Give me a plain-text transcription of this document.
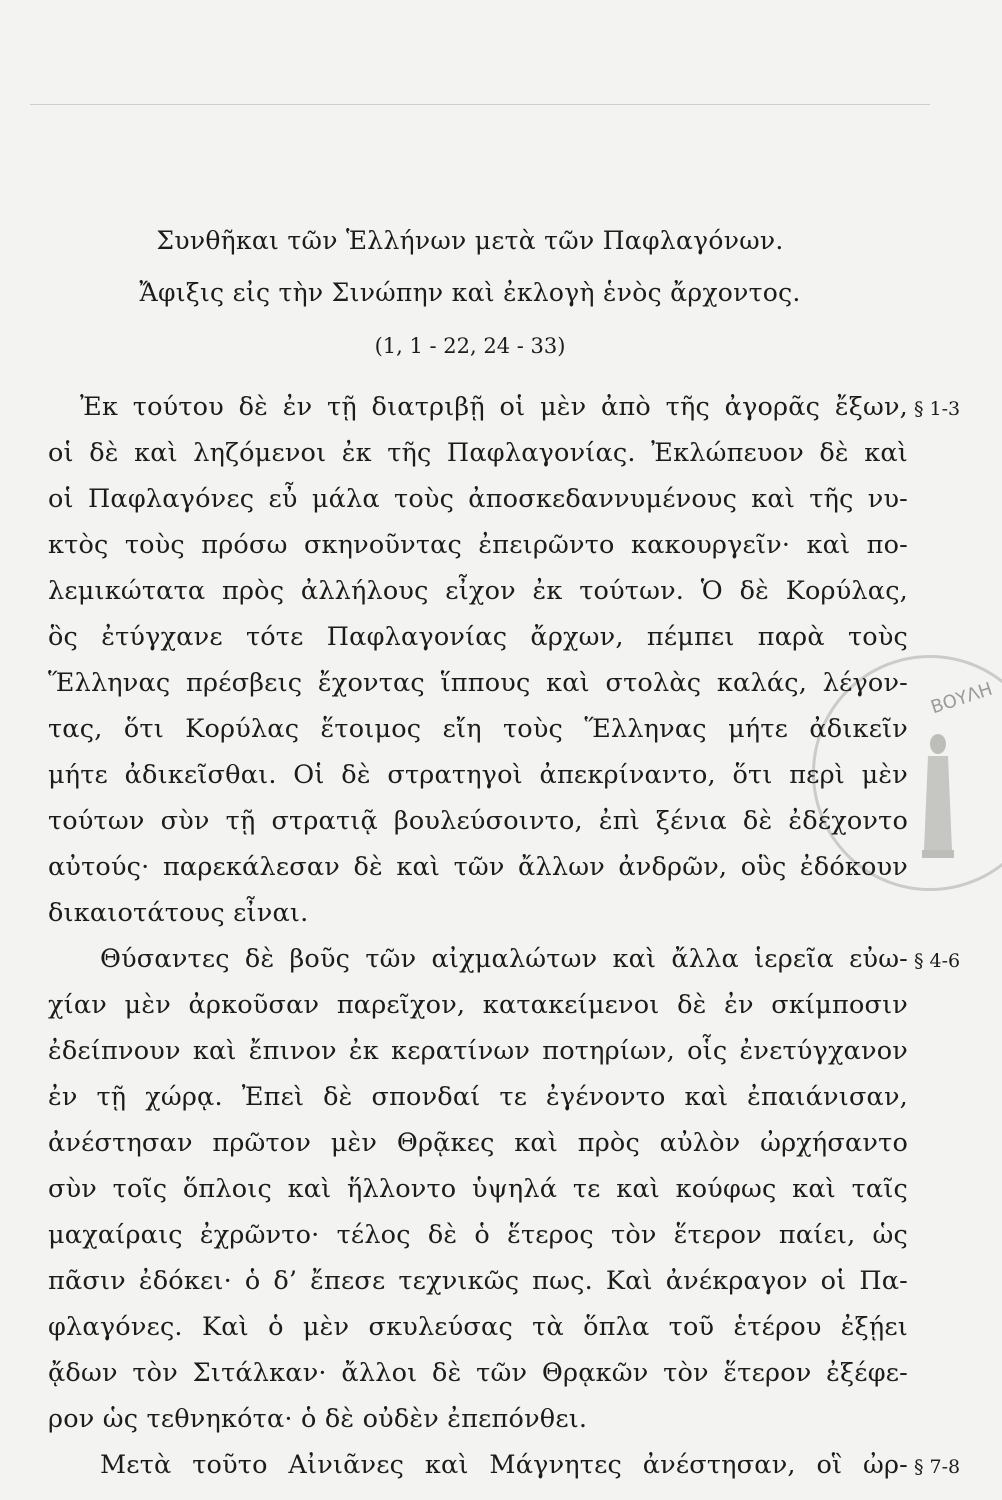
ΒΟΥΛΗ
Συνθῆκαι τῶν Ἑλλήνων μετὰ τῶν Παφλαγόνων.
Ἄφιξις εἰς τὴν Σινώπην καὶ ἐκλογὴ ἑνὸς ἄρχοντος.
(1, 1 - 22, 24 - 33)
Ἐκ τούτου δὲ ἐν τῇ διατριβῇ οἱ μὲν ἀπὸ τῆς ἀγορᾶς ἔξων,
οἱ δὲ καὶ ληζόμενοι ἐκ τῆς Παφλαγονίας. Ἐκλώπευον δὲ καὶ
οἱ Παφλαγόνες εὖ μάλα τοὺς ἀποσκεδαννυμένους καὶ τῆς νυ-
κτὸς τοὺς πρόσω σκηνοῦντας ἐπειρῶντο κακουργεῖν· καὶ πο-
λεμικώτατα πρὸς ἀλλήλους εἶχον ἐκ τούτων. Ὁ δὲ Κορύλας,
ὃς ἐτύγχανε τότε Παφλαγονίας ἄρχων, πέμπει παρὰ τοὺς
Ἕλληνας πρέσβεις ἔχοντας ἵππους καὶ στολὰς καλάς, λέγον-
τας, ὅτι Κορύλας ἕτοιμος εἴη τοὺς Ἕλληνας μήτε ἀδικεῖν
μήτε ἀδικεῖσθαι. Οἱ δὲ στρατηγοὶ ἀπεκρίναντο, ὅτι περὶ μὲν
τούτων σὺν τῇ στρατιᾷ βουλεύσοιντο, ἐπὶ ξένια δὲ ἐδέχοντο
αὐτούς· παρεκάλεσαν δὲ καὶ τῶν ἄλλων ἀνδρῶν, οὓς ἐδόκουν
δικαιοτάτους εἶναι.
Θύσαντες δὲ βοῦς τῶν αἰχμαλώτων καὶ ἄλλα ἱερεῖα εὐω-
χίαν μὲν ἀρκοῦσαν παρεῖχον, κατακείμενοι δὲ ἐν σκίμποσιν
ἐδείπνουν καὶ ἔπινον ἐκ κερατίνων ποτηρίων, οἷς ἐνετύγχανον
ἐν τῇ χώρᾳ. Ἐπεὶ δὲ σπονδαί τε ἐγένοντο καὶ ἐπαιάνισαν,
ἀνέστησαν πρῶτον μὲν Θρᾷκες καὶ πρὸς αὐλὸν ὠρχήσαντο
σὺν τοῖς ὅπλοις καὶ ἥλλοντο ὑψηλά τε καὶ κούφως καὶ ταῖς
μαχαίραις ἐχρῶντο· τέλος δὲ ὁ ἕτερος τὸν ἕτερον παίει, ὡς
πᾶσιν ἐδόκει· ὁ δ’ ἔπεσε τεχνικῶς πως. Καὶ ἀνέκραγον οἱ Πα-
φλαγόνες. Καὶ ὁ μὲν σκυλεύσας τὰ ὅπλα τοῦ ἑτέρου ἐξῄει
ᾄδων τὸν Σιτάλκαν· ἄλλοι δὲ τῶν Θρᾳκῶν τὸν ἕτερον ἐξέφε-
ρον ὡς τεθνηκότα· ὁ δὲ οὐδὲν ἐπεπόνθει.
Μετὰ τοῦτο Αἰνιᾶνες καὶ Μάγνητες ἀνέστησαν, οἳ ὠρ-
§ 1-3
§ 4-6
§ 7-8
